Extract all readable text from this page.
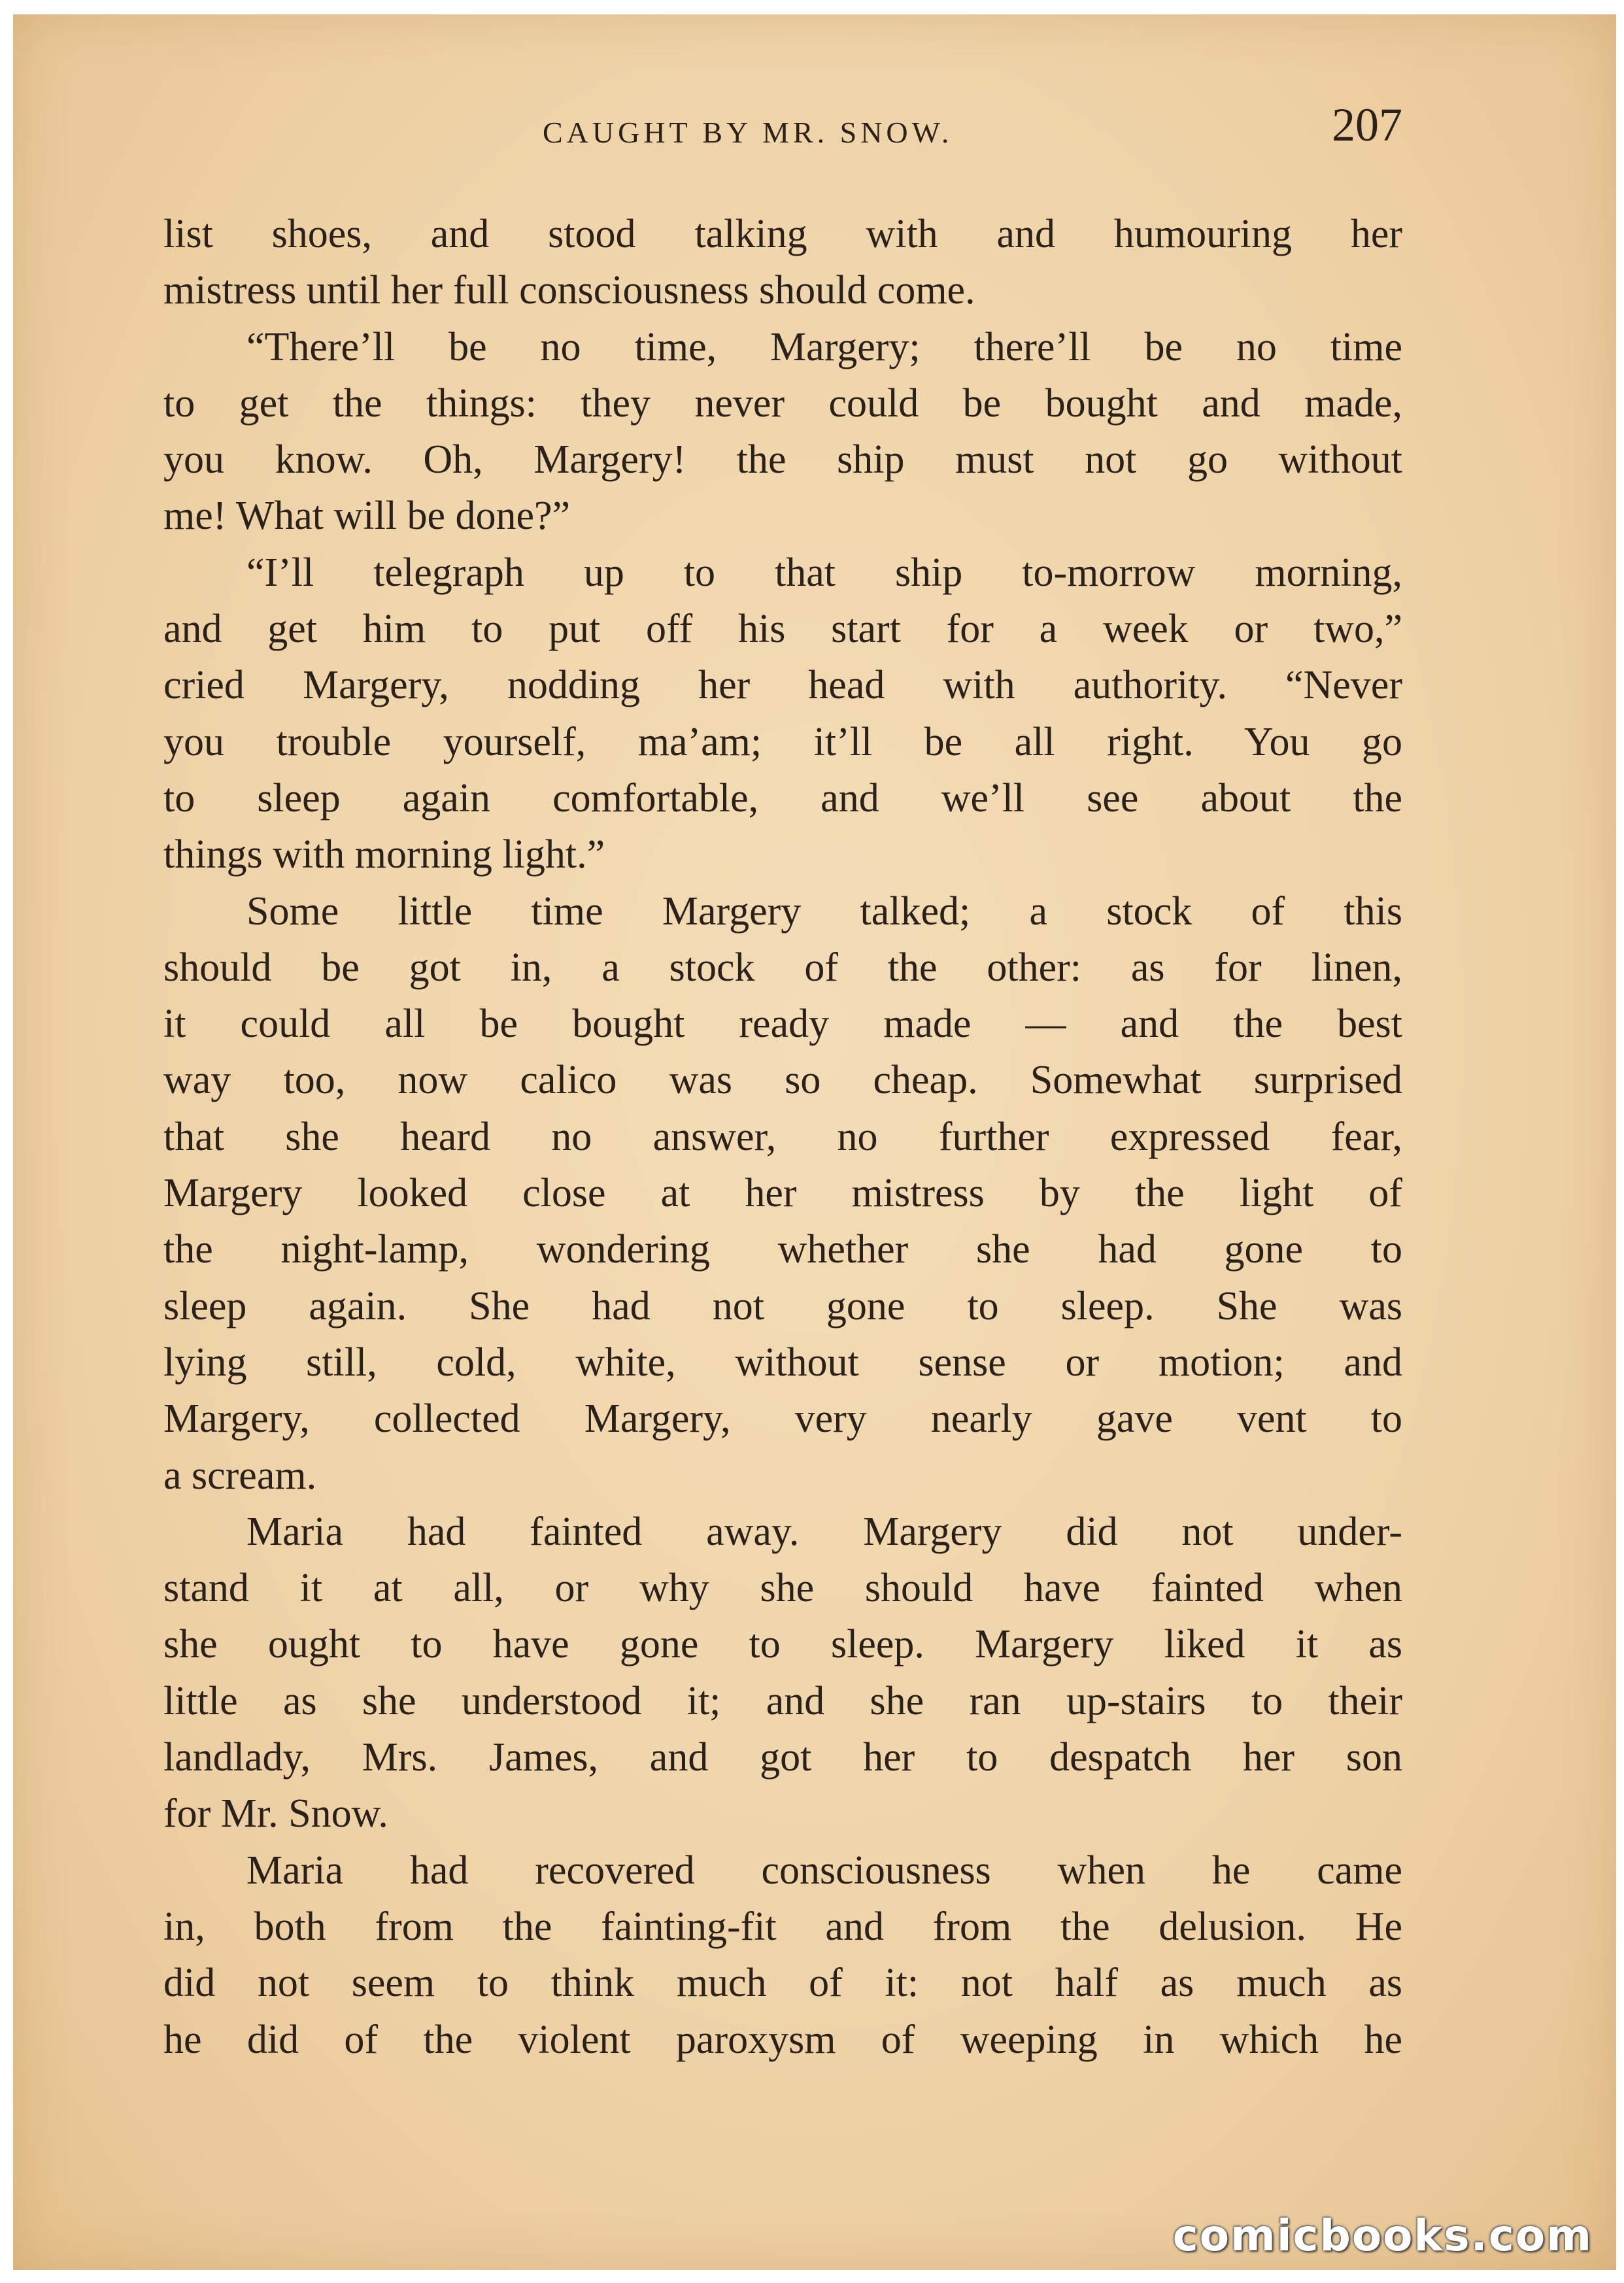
CAUGHT BY MR. SNOW.	207
list shoes, and stood talking with and humouring her
mistress until her full consciousness should come.
“There’ll be no time, Margery; there’ll be no time
to get the things: they never could be bought and made,
you know. Oh, Margery! the ship must not go without
me! What will be done?”
“I’ll telegraph up to that ship to-morrow morning,
and get him to put off his start for a week or two,”
cried Margery, nodding her head with authority. “Never
you trouble yourself, ma’am; it’ll be all right. You go
to sleep again comfortable, and we’ll see about the
things with morning light.”
Some little time Margery talked; a stock of this
should be got in, a stock of the other: as for linen,
it could all be bought ready made — and the best
way too, now calico was so cheap. Somewhat surprised
that she heard no answer, no further expressed fear,
Margery looked close at her mistress by the light of
the night-lamp, wondering whether she had gone to
sleep again. She had not gone to sleep. She was
lying still, cold, white, without sense or motion; and
Margery, collected Margery, very nearly gave vent to
a scream.
Maria had fainted away. Margery did not under-
stand it at all, or why she should have fainted when
she ought to have gone to sleep. Margery liked it as
little as she understood it; and she ran up-stairs to their
landlady, Mrs. James, and got her to despatch her son
for Mr. Snow.
Maria had recovered consciousness when he came
in, both from the fainting-fit and from the delusion. He
did not seem to think much of it: not half as much as
he did of the violent paroxysm of weeping in which he
comicbooks.com
